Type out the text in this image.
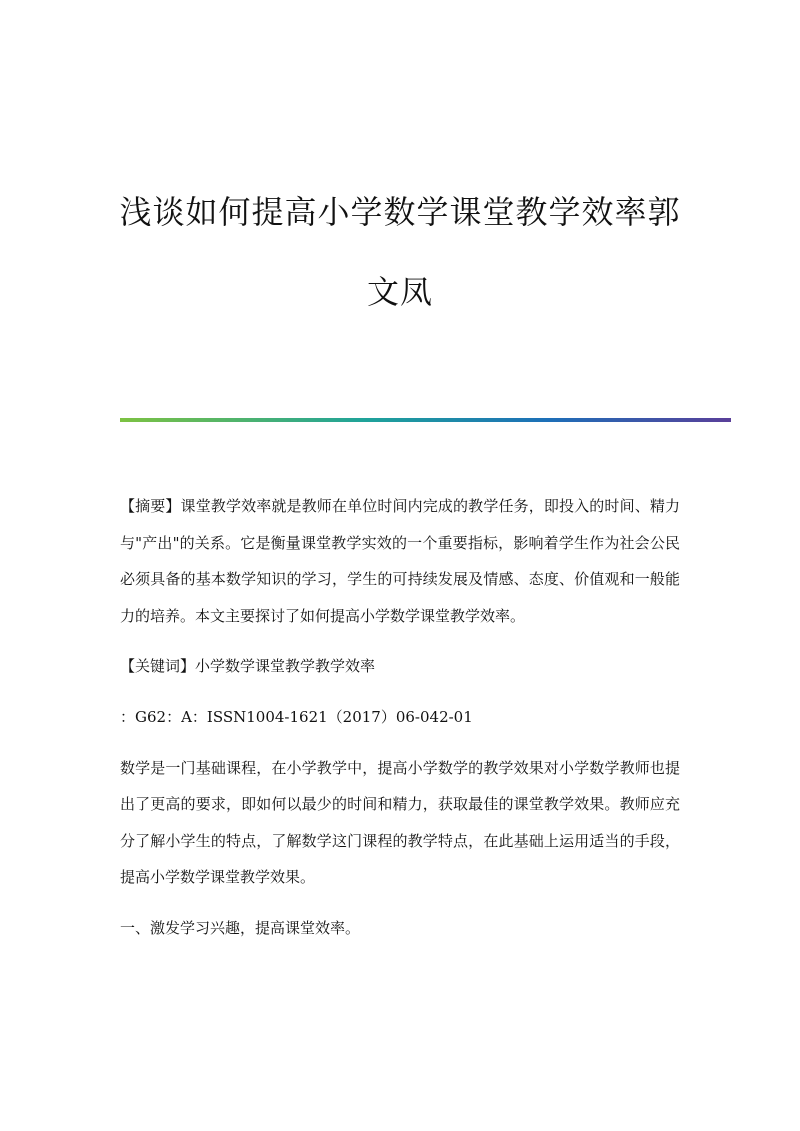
浅谈如何提高小学数学课堂教学效率郭
文凤

【摘要】课堂教学效率就是教师在单位时间内完成的教学任务，即投入的时间、精力与"产出"的关系。它是衡量课堂教学实效的一个重要指标，影响着学生作为社会公民必须具备的基本数学知识的学习，学生的可持续发展及情感、态度、价值观和一般能力的培养。本文主要探讨了如何提高小学数学课堂教学效率。

【关键词】小学数学课堂教学教学效率

：G62：A：ISSN1004-1621（2017）06-042-01

数学是一门基础课程，在小学教学中，提高小学数学的教学效果对小学数学教师也提出了更高的要求，即如何以最少的时间和精力，获取最佳的课堂教学效果。教师应充分了解小学生的特点，了解数学这门课程的教学特点，在此基础上运用适当的手段，提高小学数学课堂教学效果。

一、激发学习兴趣，提高课堂效率。
